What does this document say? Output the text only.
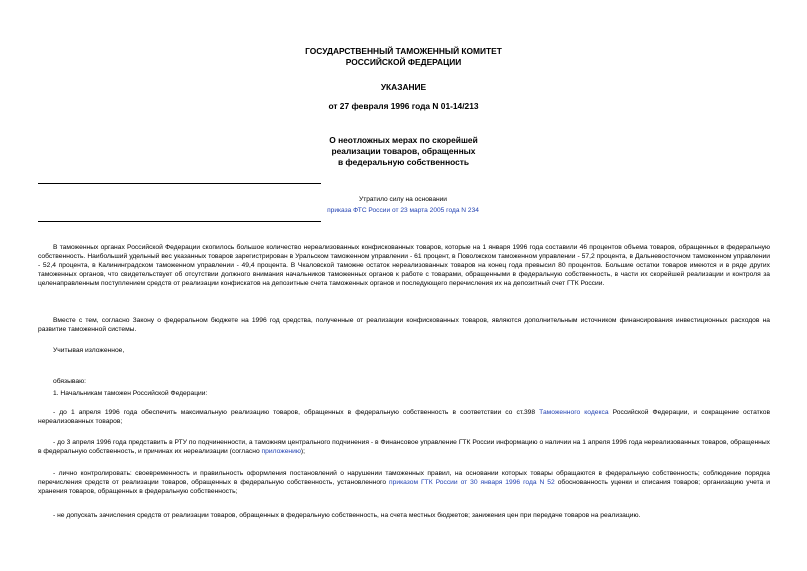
ГОСУДАРСТВЕННЫЙ ТАМОЖЕННЫЙ КОМИТЕТ
РОССИЙСКОЙ ФЕДЕРАЦИИ
УКАЗАНИЕ
от 27 февраля 1996 года N 01-14/213
О неотложных мерах по скорейшей
реализации товаров, обращенных
в федеральную собственность
Утратило силу на основании
приказа ФТС России от 23 марта 2005 года N 234
В таможенных органах Российской Федерации скопилось большое количество нереализованных конфискованных товаров, которые на 1 января 1996 года составили 46 процентов объема товаров, обращенных в федеральную собственность. Наибольший удельный вес указанных товаров зарегистрирован в Уральском таможенном управлении - 61 процент, в Поволжском таможенном управлении - 57,2 процента, в Дальневосточном таможенном управлении - 52,4 процента, в Калининградском таможенном управлении - 49,4 процента. В Чкаловской таможне остаток нереализованных товаров на конец года превысил 80 процентов. Большие остатки товаров имеются и в ряде других таможенных органов, что свидетельствует об отсутствии должного внимания начальников таможенных органов к работе с товарами, обращенными в федеральную собственность, в части их скорейшей реализации и контроля за целенаправленным поступлением средств от реализации конфискатов на депозитные счета таможенных органов и последующего перечисления их на депозитный счет ГТК России.
Вместе с тем, согласно Закону о федеральном бюджете на 1996 год средства, полученные от реализации конфискованных товаров, являются дополнительным источником финансирования инвестиционных расходов на развитие таможенной системы.
Учитывая изложенное,
обязываю:
1. Начальникам таможен Российской Федерации:
- до 1 апреля 1996 года обеспечить максимальную реализацию товаров, обращенных в федеральную собственность в соответствии со ст.398 Таможенного кодекса Российской Федерации, и сокращение остатков нереализованных товаров;
- до 3 апреля 1996 года представить в РТУ по подчиненности, а таможням центрального подчинения - в Финансовое управление ГТК России информацию о наличии на 1 апреля 1996 года нереализованных товаров, обращенных в федеральную собственность, и причинах их нереализации (согласно приложению);
- лично контролировать: своевременность и правильность оформления постановлений о нарушении таможенных правил, на основании которых товары обращаются в федеральную собственность; соблюдение порядка перечисления средств от реализации товаров, обращенных в федеральную собственность, установленного приказом ГТК России от 30 января 1996 года N 52 обоснованность уценки и списания товаров; организацию учета и хранения товаров, обращенных в федеральную собственность;
- не допускать зачисления средств от реализации товаров, обращенных в федеральную собственность, на счета местных бюджетов; занижения цен при передаче товаров на реализацию.
